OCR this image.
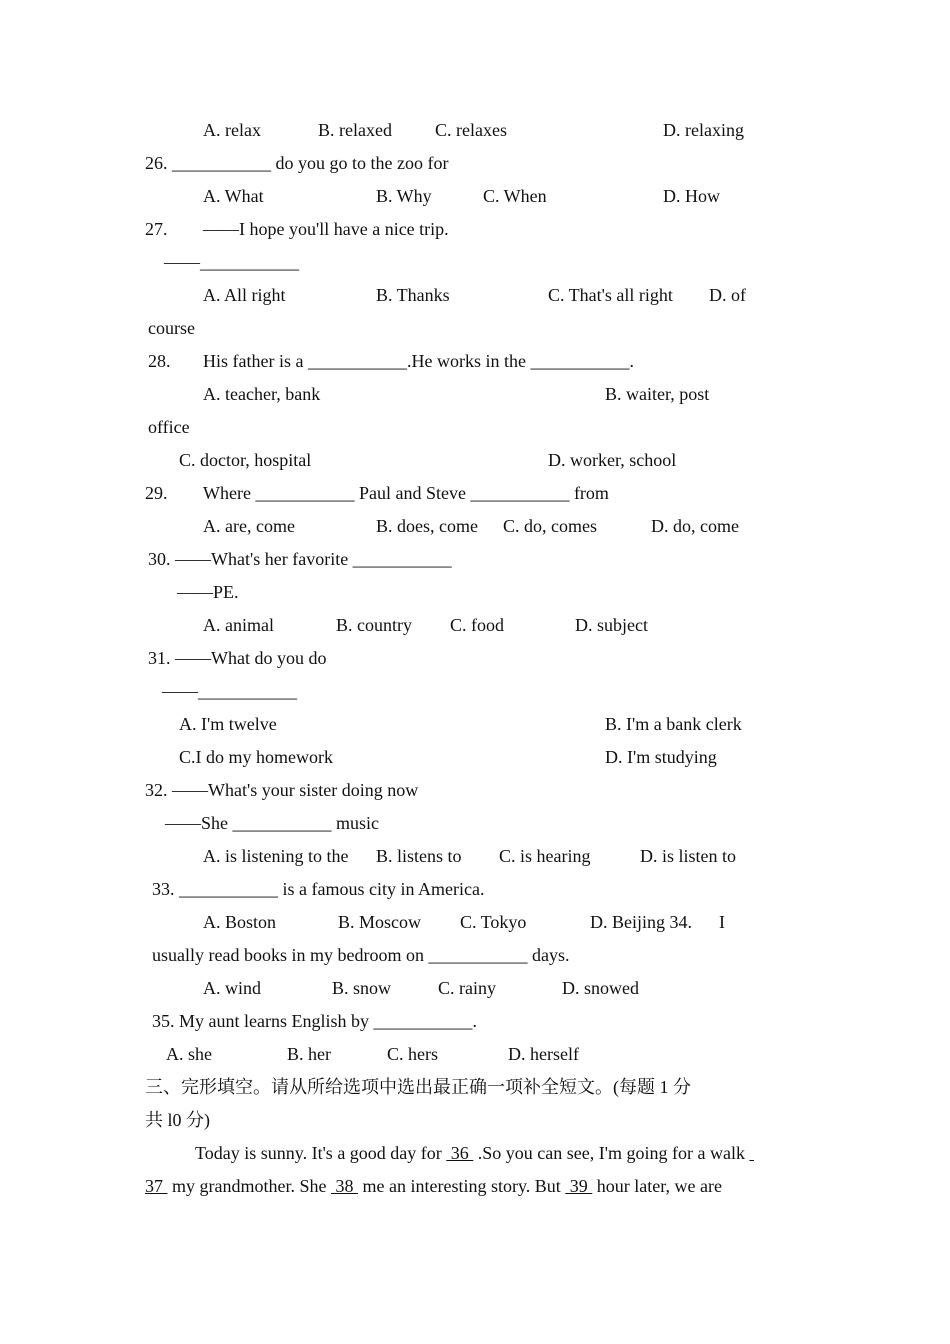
A. relax	B. relaxed C. relaxes	D. relaxing
26. ___________ do you go to the zoo for
A. What	B. Why	C. When	D. How
27. ——I hope you'll have a nice trip.
——___________
A. All right	B. Thanks	C. That's all right D. of
course
28. His father is a ___________.He works in the ___________.
A. teacher, bank	B. waiter, post
office
C. doctor, hospital	D. worker, school
29. Where ___________ Paul and Steve ___________ from
A. are, come	B. does, come C. do, comes	D. do, come
30. ——What's her favorite ___________
——PE.
A. animal	B. country C. food	D. subject
31. ——What do you do
——___________
A. I'm twelve	B. I'm a bank clerk
C.I do my homework	D. I'm studying
32. ——What's your sister doing now
——She ___________ music
A. is listening to the B. listens to C. is hearing	D. is listen to
33. ___________ is a famous city in America.
A. Boston	B. Moscow C. Tokyo	D. Beijing 34. I
usually read books in my bedroom on ___________ days.
A. wind	B. snow	C. rainy	D. snowed
35. My aunt learns English by ___________.
A. she	B. her	C. hers	D. herself
三、完形填空。请从所给选项中选出最正确一项补全短文。(每题 1 分
共 l0 分)
Today is sunny. It's a good day for  36  .So you can see, I'm going for a walk
37  my grandmother. She  38  me an interesting story. But  39  hour later, we are
